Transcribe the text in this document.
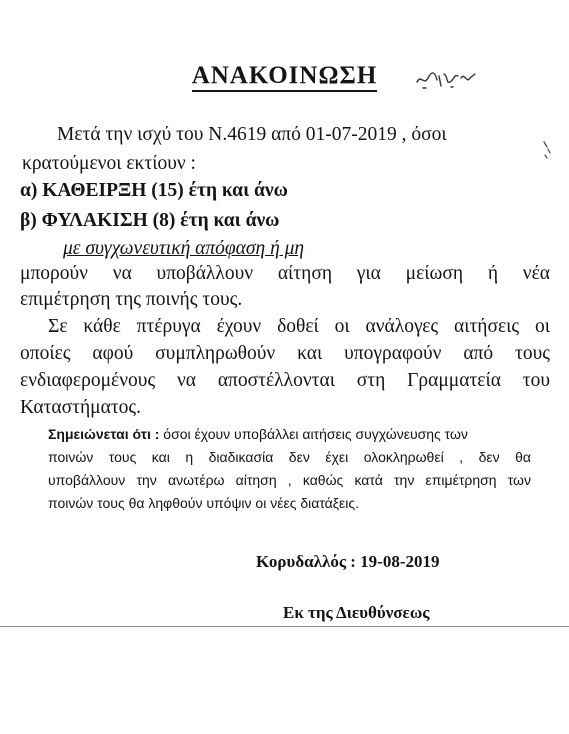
ΑΝΑΚΟΙΝΩΣΗ
Μετά την ισχύ του Ν.4619 από 01-07-2019 , όσοι
κρατούμενοι εκτίουν :
α) ΚΑΘΕΙΡΞΗ (15) έτη και άνω
β) ΦΥΛΑΚΙΣΗ (8) έτη και άνω
με συγχωνευτική απόφαση ή μη
μπορούν να υποβάλλουν αίτηση για μείωση ή νέα
επιμέτρηση της ποινής τους.
Σε κάθε πτέρυγα έχουν δοθεί οι ανάλογες αιτήσεις οι
οποίες αφού συμπληρωθούν και υπογραφούν από τους
ενδιαφερομένους να αποστέλλονται στη Γραμματεία του
Καταστήματος.
Σημειώνεται ότι : όσοι έχουν υποβάλλει αιτήσεις συγχώνευσης των
ποινών τους και η διαδικασία δεν έχει ολοκληρωθεί , δεν θα
υποβάλλουν την ανωτέρω αίτηση , καθώς κατά την επιμέτρηση των
ποινών τους θα ληφθούν υπόψιν οι νέες διατάξεις.
Κορυδαλλός : 19-08-2019
Εκ της Διευθύνσεως
